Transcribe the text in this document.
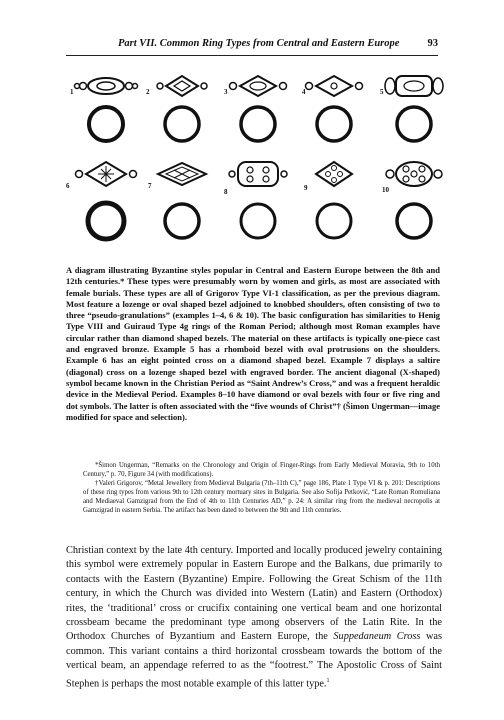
Part VII. Common Ring Types from Central and Eastern Europe	93
1	2	3	4	5
6	7
8	9	10
A diagram illustrating Byzantine styles popular in Central and Eastern Europe between the 8th and 12th centuries.* These types were presumably worn by women and girls, as most are associated with female burials. These types are all of Grigorov Type VI-1 classification, as per the previous diagram. Most feature a lozenge or oval shaped bezel adjoined to knobbed shoulders, often consisting of two to three “pseudo-granulations” (examples 1–4, 6 & 10). The basic configuration has similarities to Henig Type VIII and Guiraud Type 4g rings of the Roman Period; although most Roman examples have circular rather than diamond shaped bezels. The material on these artifacts is typically one-piece cast and engraved bronze. Example 5 has a rhomboid bezel with oval protrusions on the shoulders. Example 6 has an eight pointed cross on a diamond shaped bezel. Example 7 displays a saltire (diagonal) cross on a lozenge shaped bezel with engraved border. The ancient diagonal (X-shaped) symbol became known in the Christian Period as “Saint Andrew’s Cross,” and was a frequent heraldic device in the Medieval Period. Examples 8–10 have diamond or oval bezels with four or five ring and dot symbols. The latter is often associated with the “five wounds of Christ”† (Šimon Ungerman—image modified for space and selection).

*Šimon Ungerman, “Remarks on the Chronology and Origin of Finger-Rings from Early Medieval Moravia, 9th to 10th Century,” p. 70, Figure 34 (with modifications).

†Valeri Grigorov, “Metal Jewellery from Medieval Bulgaria (7th–11th C),” page 186, Plate 1 Type VI & p. 201: Descriptions of these ring types from various 9th to 12th century mortuary sites in Bulgaria. See also Sofija Petković, “Late Roman Romuliana and Mediaeval Gamzigrad from the End of 4th to 11th Centuries AD,” p. 24: A similar ring from the medieval necropolis at Gamzigrad in eastern Serbia. The artifact has been dated to between the 9th and 11th centuries.

Christian context by the late 4th century. Imported and locally produced jewelry containing this symbol were extremely popular in Eastern Europe and the Balkans, due primarily to contacts with the Eastern (Byzantine) Empire. Following the Great Schism of the 11th century, in which the Church was divided into Western (Latin) and Eastern (Orthodox) rites, the ‘traditional’ cross or crucifix containing one vertical beam and one horizontal crossbeam became the predominant type among observers of the Latin Rite. In the Orthodox Churches of Byzantium and Eastern Europe, the Suppedaneum Cross was common. This variant contains a third horizontal crossbeam towards the bottom of the vertical beam, an appendage referred to as the “footrest.” The Apostolic Cross of Saint Stephen is perhaps the most notable example of this latter type.$^1$
